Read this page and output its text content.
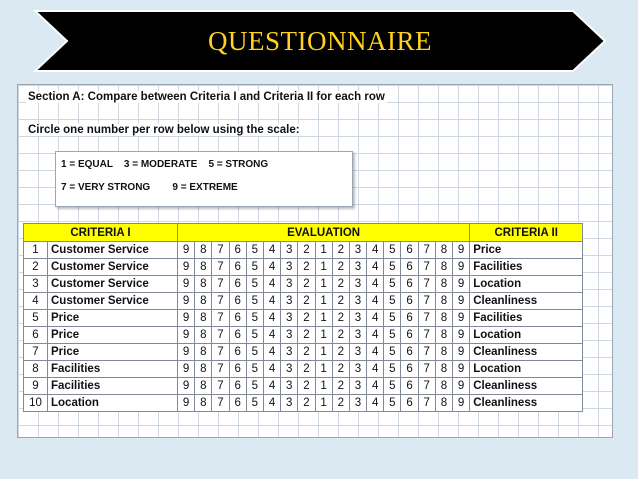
QUESTIONNAIRE
Section A: Compare between Criteria I and Criteria II for each row
Circle one number per row below using the scale:
1 = EQUAL    3 = MODERATE    5 = STRONG
7 = VERY STRONG        9 = EXTREME
CRITERIA I		EVALUATION																	CRITERIA II
1	Customer Service	9	8	7	6	5	4	3	2	1	2	3	4	5	6	7	8	9	Price
2	Customer Service	9	8	7	6	5	4	3	2	1	2	3	4	5	6	7	8	9	Facilities
3	Customer Service	9	8	7	6	5	4	3	2	1	2	3	4	5	6	7	8	9	Location
4	Customer Service	9	8	7	6	5	4	3	2	1	2	3	4	5	6	7	8	9	Cleanliness
5	Price	9	8	7	6	5	4	3	2	1	2	3	4	5	6	7	8	9	Facilities
6	Price	9	8	7	6	5	4	3	2	1	2	3	4	5	6	7	8	9	Location
7	Price	9	8	7	6	5	4	3	2	1	2	3	4	5	6	7	8	9	Cleanliness
8	Facilities	9	8	7	6	5	4	3	2	1	2	3	4	5	6	7	8	9	Location
9	Facilities	9	8	7	6	5	4	3	2	1	2	3	4	5	6	7	8	9	Cleanliness
10	Location	9	8	7	6	5	4	3	2	1	2	3	4	5	6	7	8	9	Cleanliness
